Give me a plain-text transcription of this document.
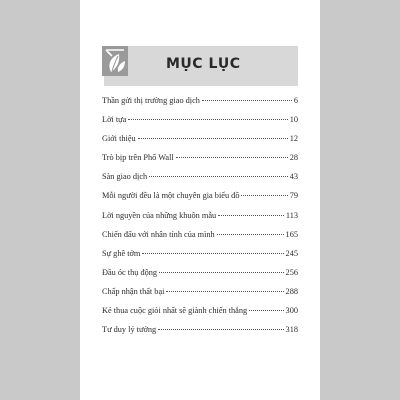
MỤC LỤC
Thần gửi thị trường giao dịch	6
Lời tựa	10
Giới thiệu	12
Trò bịp trên Phố Wall	28
Sàn giao dịch	43
Mỗi người đều là một chuyên gia biểu đồ	79
Lời nguyền của những khuôn mẫu	113
Chiến đấu với nhân tính của mình	165
Sự ghê tởm	245
Đầu óc thụ động	256
Chấp nhận thất bại	288
Kẻ thua cuộc giỏi nhất sẽ giành chiến thắng	300
Tư duy lý tưởng	318
